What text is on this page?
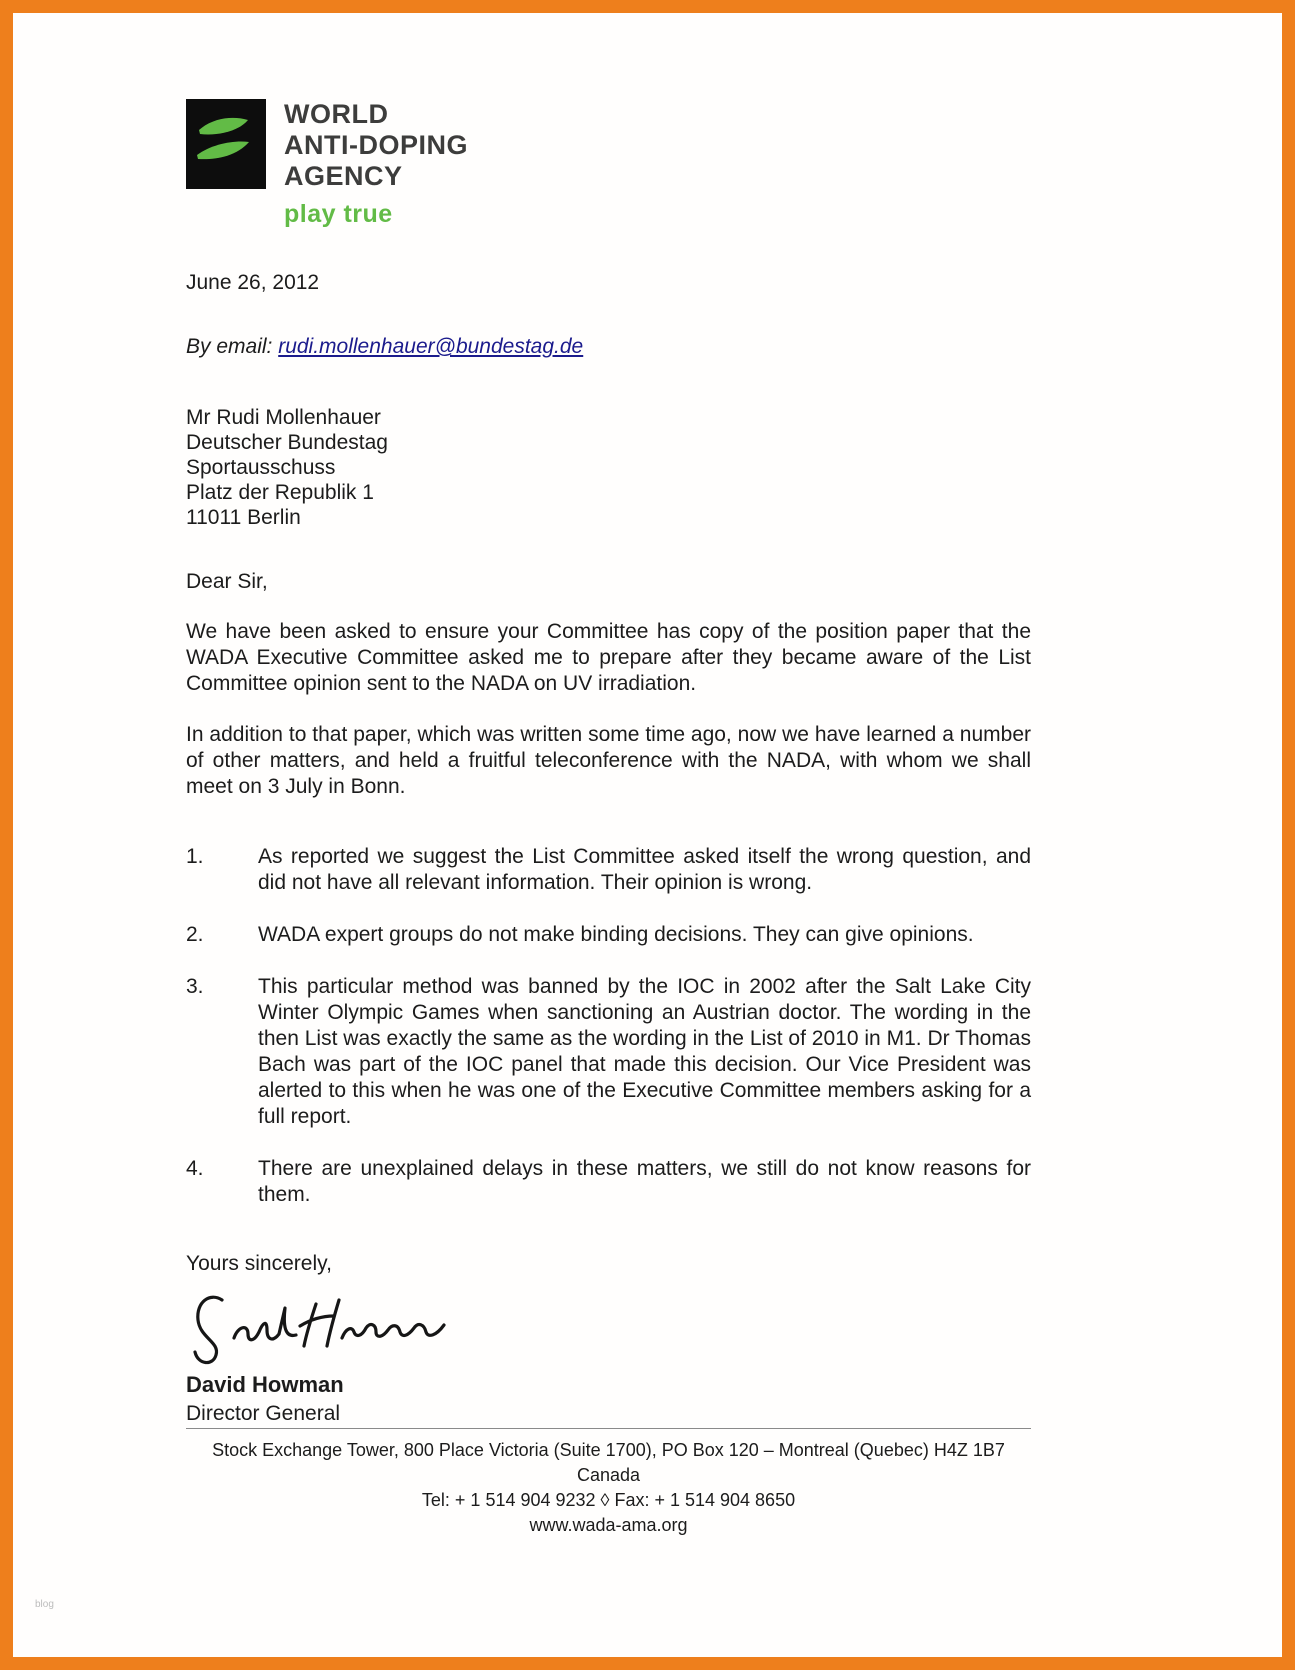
WORLD
ANTI-DOPING
AGENCY
play true
June 26, 2012
By email: rudi.mollenhauer@bundestag.de
Mr Rudi Mollenhauer
Deutscher Bundestag
Sportausschuss
Platz der Republik 1
11011 Berlin
Dear Sir,
We have been asked to ensure your Committee has copy of the position paper that the WADA Executive Committee asked me to prepare after they became aware of the List Committee opinion sent to the NADA on UV irradiation.
In addition to that paper, which was written some time ago, now we have learned a number of other matters, and held a fruitful teleconference with the NADA, with whom we shall meet on 3 July in Bonn.
1.	As reported we suggest the List Committee asked itself the wrong question, and did not have all relevant information. Their opinion is wrong.
2.	WADA expert groups do not make binding decisions. They can give opinions.
3.	This particular method was banned by the IOC in 2002 after the Salt Lake City Winter Olympic Games when sanctioning an Austrian doctor. The wording in the then List was exactly the same as the wording in the List of 2010 in M1. Dr Thomas Bach was part of the IOC panel that made this decision. Our Vice President was alerted to this when he was one of the Executive Committee members asking for a full report.
4.	There are unexplained delays in these matters, we still do not know reasons for them.
Yours sincerely,
David Howman
Director General
Stock Exchange Tower, 800 Place Victoria (Suite 1700), PO Box 120 – Montreal (Quebec) H4Z 1B7 Canada
Tel: + 1 514 904 9232 ◊ Fax: + 1 514 904 8650
www.wada-ama.org
blog
